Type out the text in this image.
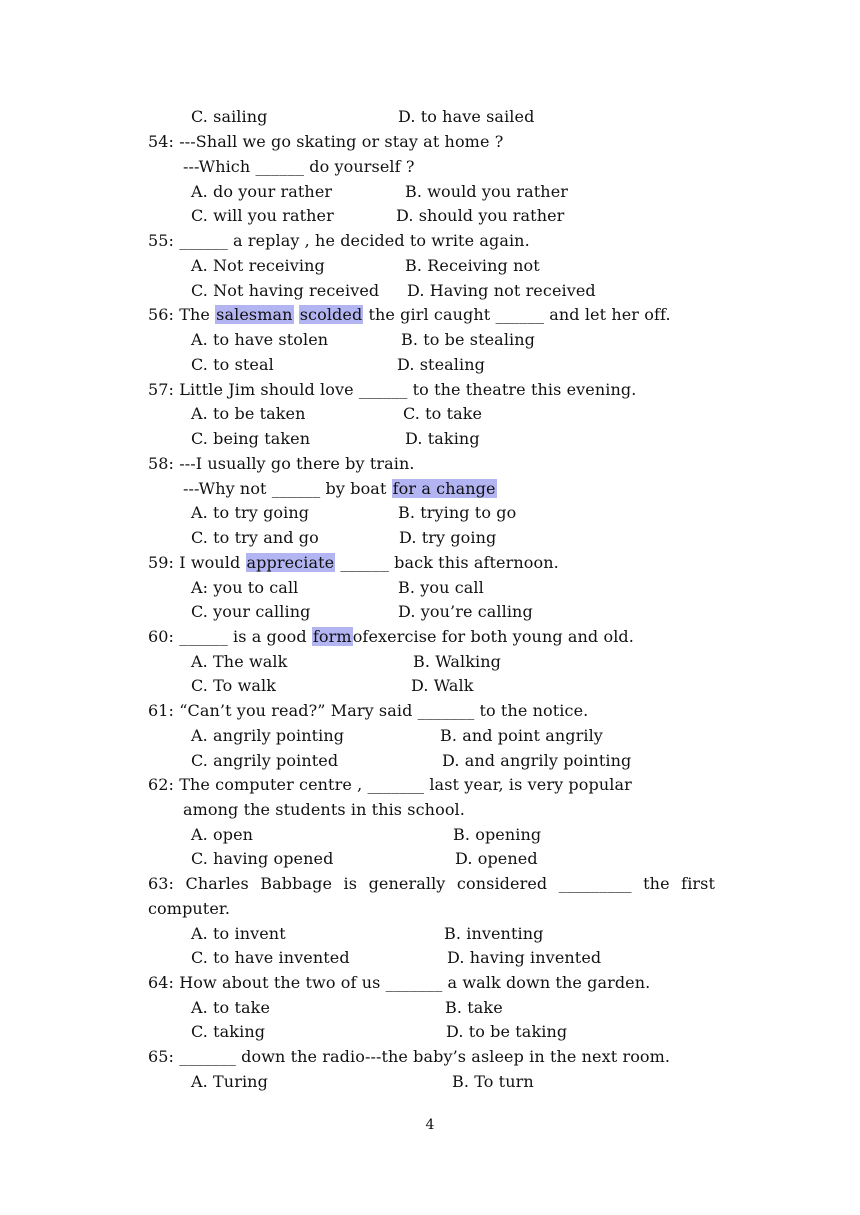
C. sailing	D. to have sailed
54: ---Shall we go skating or stay at home ?
---Which ______ do yourself ?
A. do your rather	B. would you rather
C. will you rather	D. should you rather
55: ______ a replay , he decided to write again.
A. Not receiving	B. Receiving not
C. Not having received D. Having not received
56: The salesman scolded the girl caught ______ and let her off.
A. to have stolen	B. to be stealing
C. to steal	D. stealing
57: Little Jim should love ______ to the theatre this evening.
A. to be taken	C. to take
C. being taken	D. taking
58: ---I usually go there by train.
---Why not ______ by boat for a change
A. to try going	B. trying to go
C. to try and go	D. try going
59: I would appreciate ______ back this afternoon.
A: you to call	B. you call
C. your calling	D. you’re calling
60: ______ is a good formofexercise for both young and old.
A. The walk	B. Walking
C. To walk	D. Walk
61: “Can’t you read?” Mary said _______ to the notice.
A. angrily pointing	B. and point angrily
C. angrily pointed	D. and angrily pointing
62: The computer centre , _______ last year, is very popular
among the students in this school.
A. open	B. opening
C. having opened	D. opened
63: Charles Babbage is generally considered _________ the first
computer.
A. to invent	B. inventing
C. to have invented	D. having invented
64: How about the two of us _______ a walk down the garden.
A. to take	B. take
C. taking	D. to be taking
65: _______ down the radio---the baby’s asleep in the next room.
A. Turing	B. To turn
4
